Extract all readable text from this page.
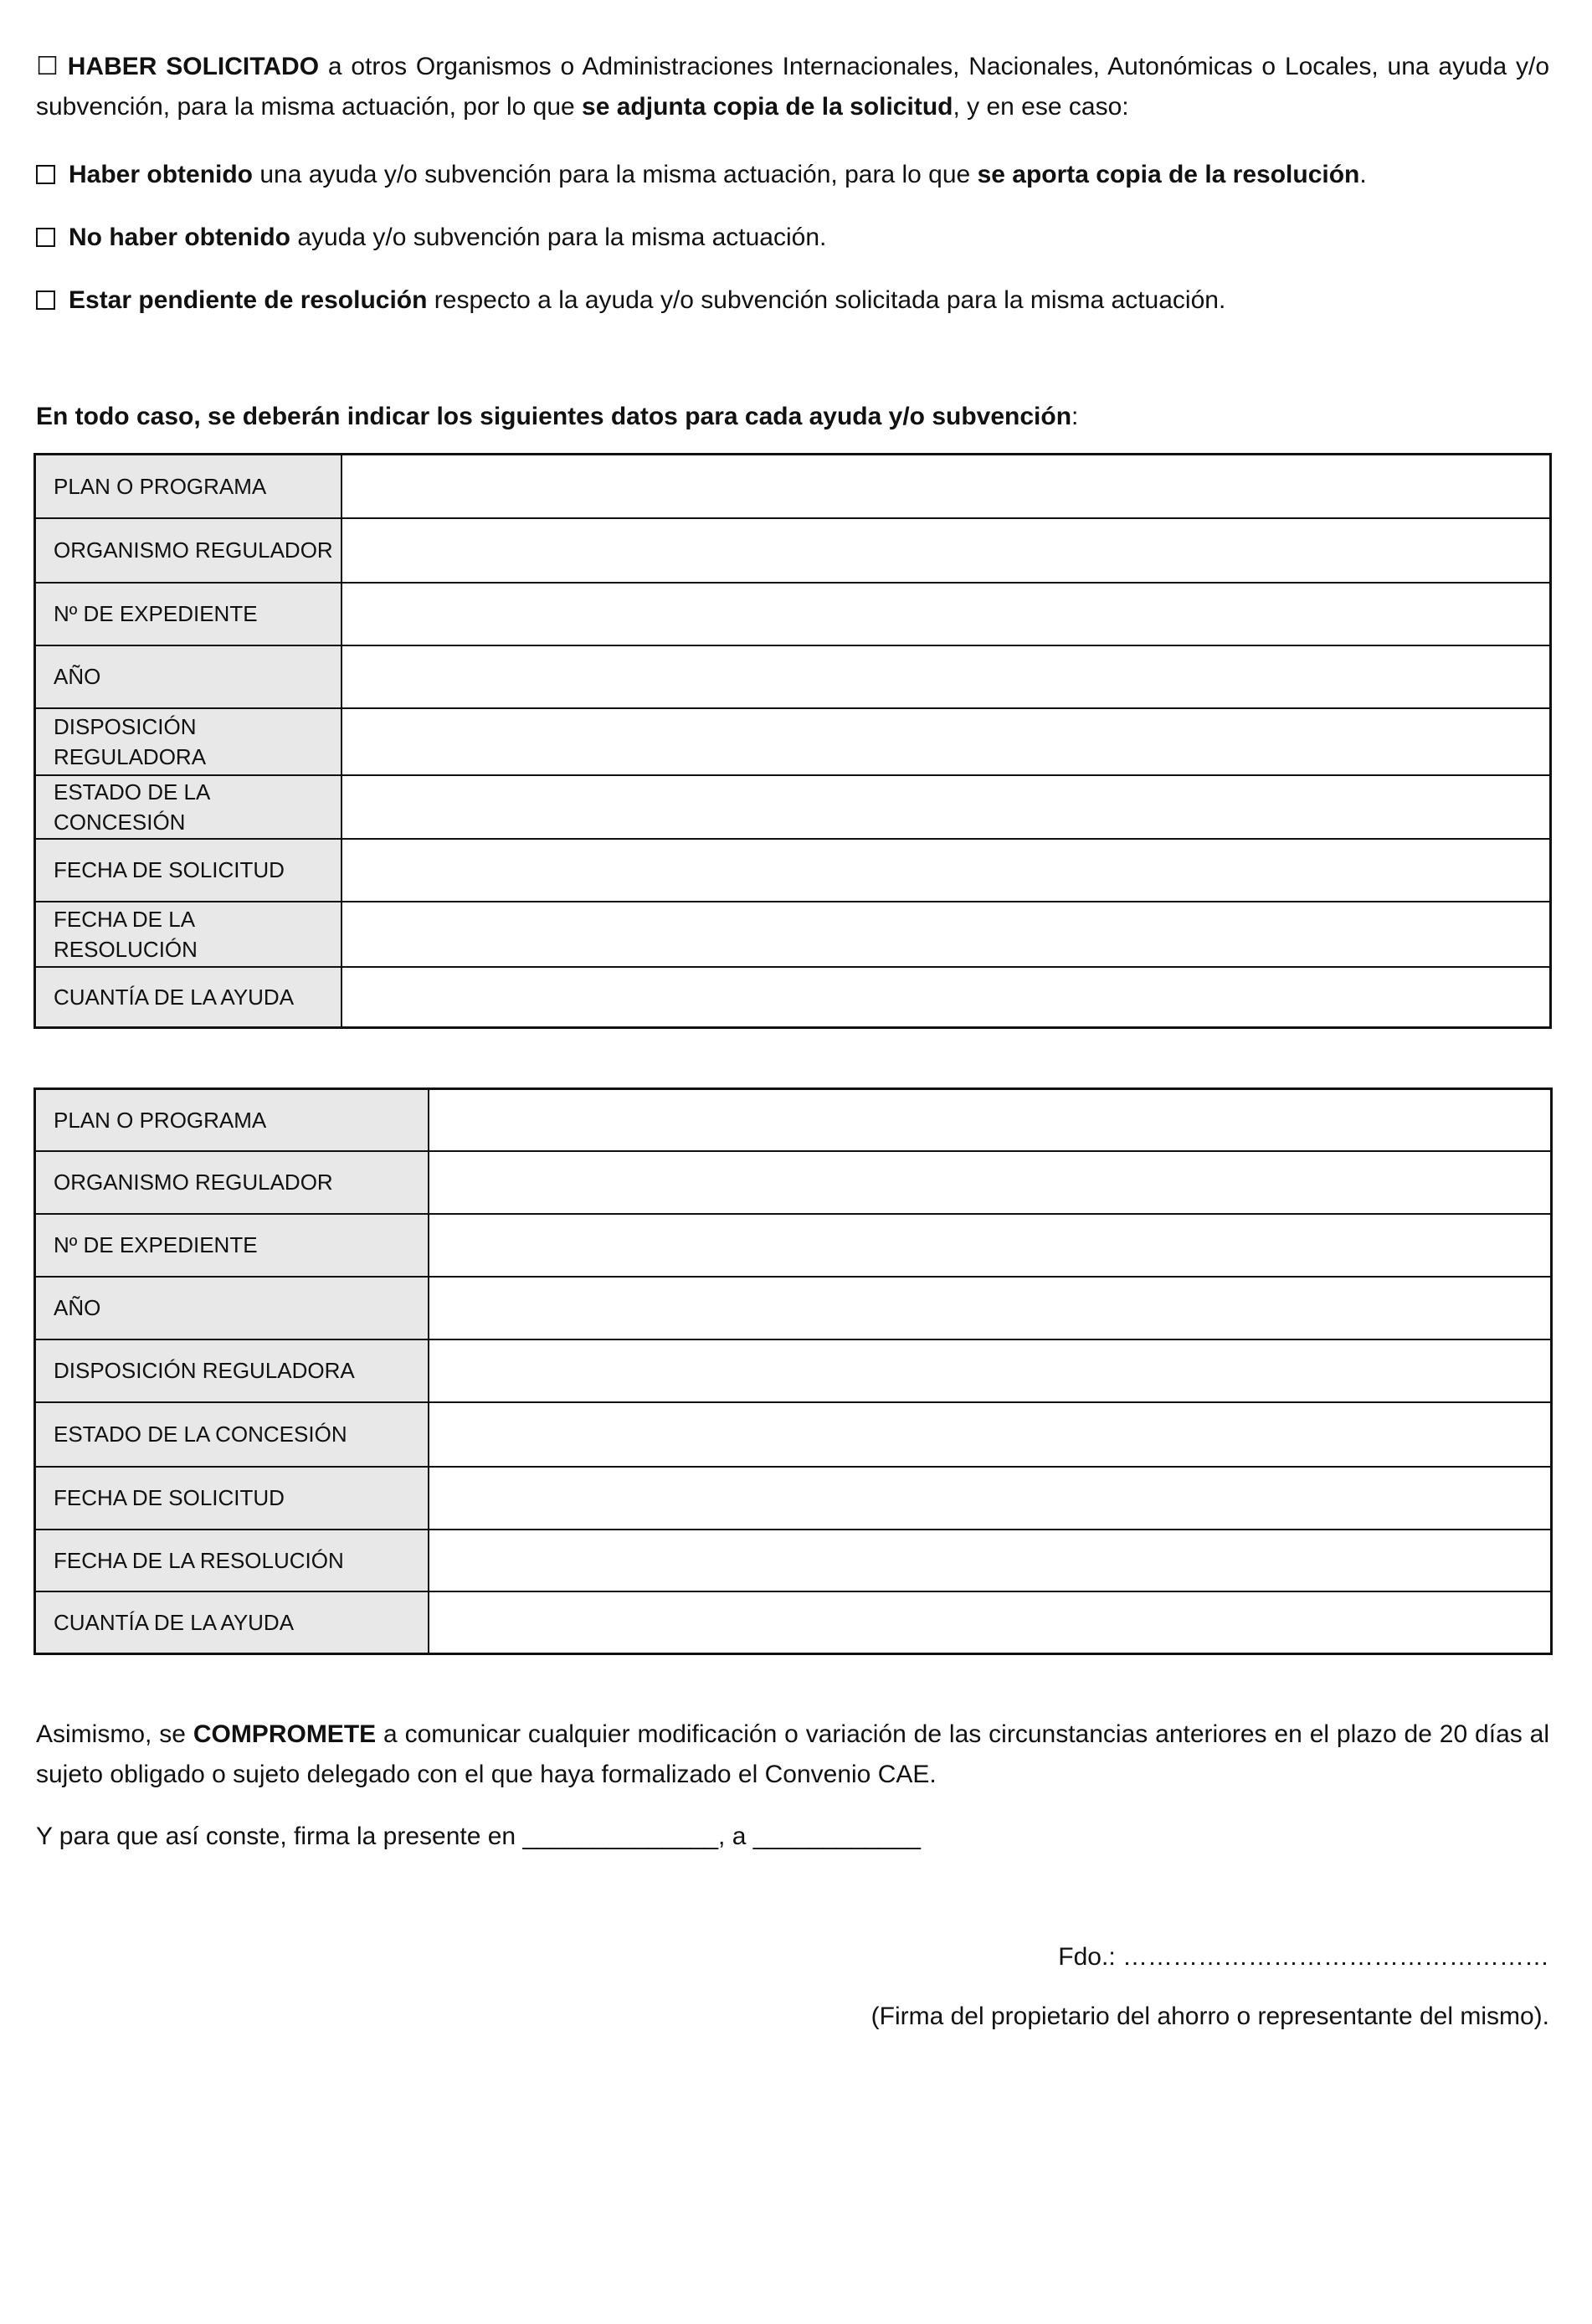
☐ HABER SOLICITADO a otros Organismos o Administraciones Internacionales, Nacionales, Autonómicas o Locales, una ayuda y/o subvención, para la misma actuación, por lo que se adjunta copia de la solicitud, y en ese caso:

Haber obtenido una ayuda y/o subvención para la misma actuación, para lo que se aporta copia de la resolución.
No haber obtenido ayuda y/o subvención para la misma actuación.
Estar pendiente de resolución respecto a la ayuda y/o subvención solicitada para la misma actuación.
En todo caso, se deberán indicar los siguientes datos para cada ayuda y/o subvención:
PLAN O PROGRAMA	
ORGANISMO REGULADOR	
Nº DE EXPEDIENTE	
AÑO	
DISPOSICIÓN REGULADORA	
ESTADO DE LA CONCESIÓN	
FECHA DE SOLICITUD	
FECHA DE LA RESOLUCIÓN	
CUANTÍA DE LA AYUDA	
PLAN O PROGRAMA	
ORGANISMO REGULADOR	
Nº DE EXPEDIENTE	
AÑO	
DISPOSICIÓN REGULADORA	
ESTADO DE LA CONCESIÓN	
FECHA DE SOLICITUD	
FECHA DE LA RESOLUCIÓN	
CUANTÍA DE LA AYUDA	

Asimismo, se COMPROMETE a comunicar cualquier modificación o variación de las circunstancias anteriores en el plazo de 20 días al sujeto obligado o sujeto delegado con el que haya formalizado el Convenio CAE.

Y para que así conste, firma la presente en ______________, a ____________
Fdo.: ……………………………………………
(Firma del propietario del ahorro o representante del mismo).
